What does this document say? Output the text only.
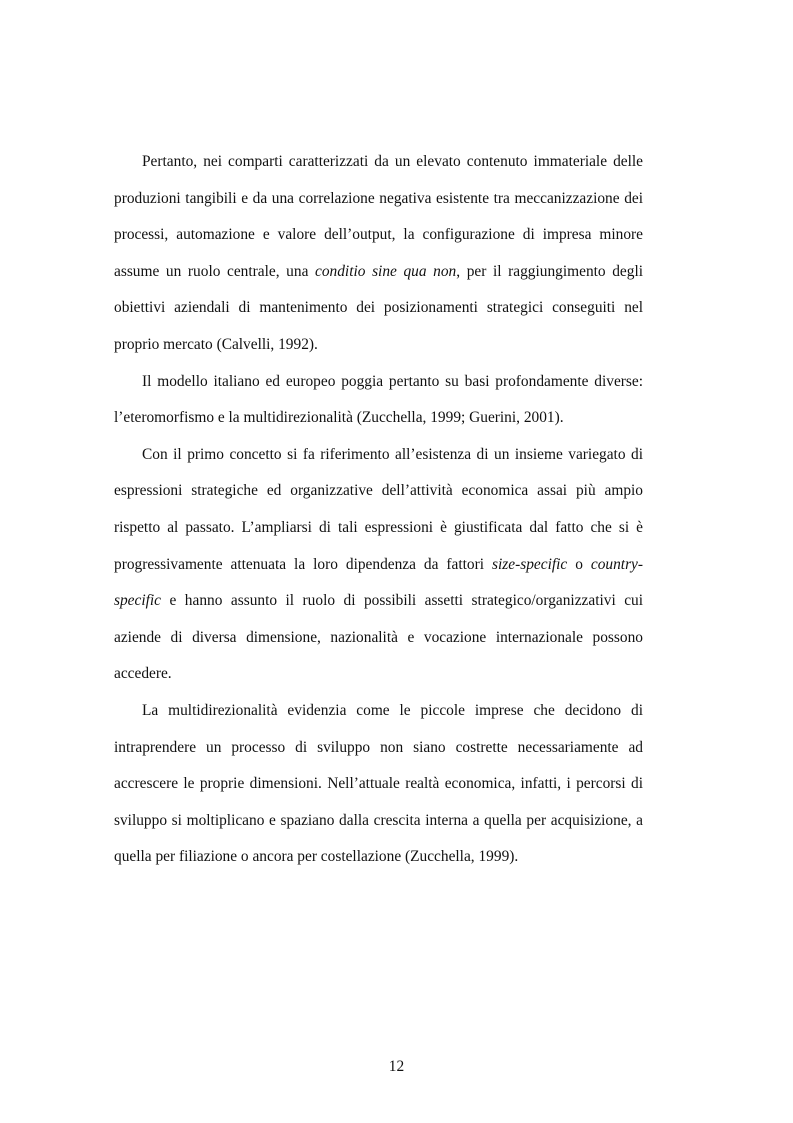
Pertanto, nei comparti caratterizzati da un elevato contenuto immateriale delle produzioni tangibili e da una correlazione negativa esistente tra meccanizzazione dei processi, automazione e valore dell’output, la configurazione di impresa minore assume un ruolo centrale, una conditio sine qua non, per il raggiungimento degli obiettivi aziendali di mantenimento dei posizionamenti strategici conseguiti nel proprio mercato (Calvelli, 1992).

Il modello italiano ed europeo poggia pertanto su basi profondamente diverse: l’eteromorfismo e la multidirezionalità (Zucchella, 1999; Guerini, 2001).

Con il primo concetto si fa riferimento all’esistenza di un insieme variegato di espressioni strategiche ed organizzative dell’attività economica assai più ampio rispetto al passato. L’ampliarsi di tali espressioni è giustificata dal fatto che si è progressivamente attenuata la loro dipendenza da fattori size-specific o country-specific e hanno assunto il ruolo di possibili assetti strategico/organizzativi cui aziende di diversa dimensione, nazionalità e vocazione internazionale possono accedere.

La multidirezionalità evidenzia come le piccole imprese che decidono di intraprendere un processo di sviluppo non siano costrette necessariamente ad accrescere le proprie dimensioni. Nell’attuale realtà economica, infatti, i percorsi di sviluppo si moltiplicano e spaziano dalla crescita interna a quella per acquisizione, a quella per filiazione o ancora per costellazione (Zucchella, 1999).

12
